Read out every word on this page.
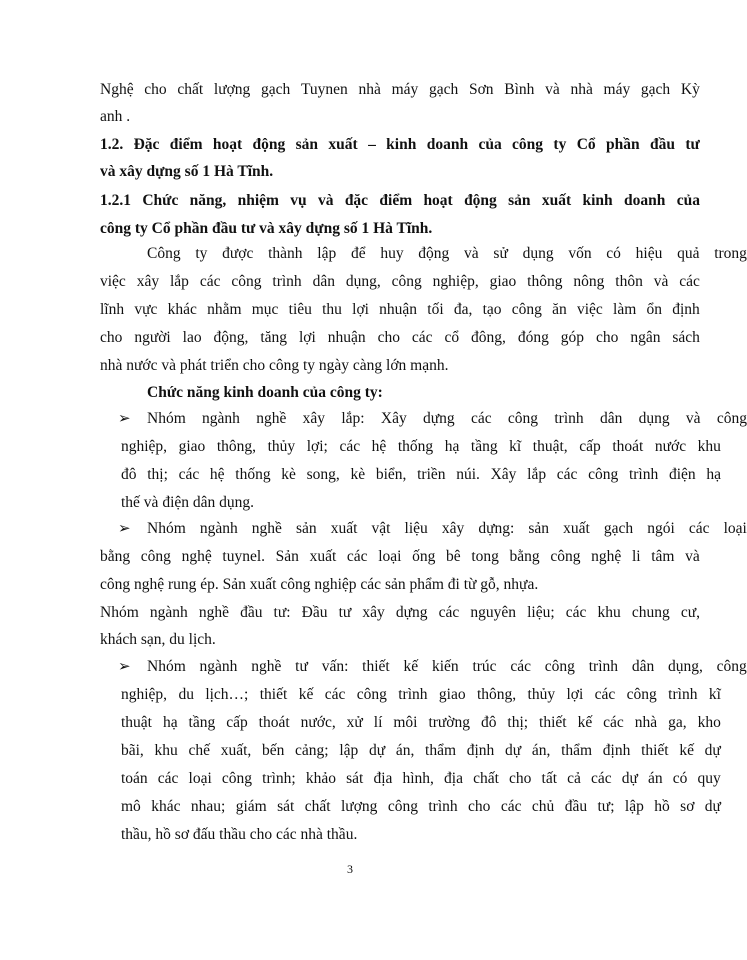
Nghệ cho chất lượng gạch Tuynen nhà máy gạch Sơn Bình và nhà máy gạch Kỳ
anh .
1.2. Đặc điểm hoạt động sản xuất – kinh doanh của công ty Cổ phần đầu tư
và xây dựng số 1 Hà Tĩnh.
1.2.1 Chức năng, nhiệm vụ và đặc điểm hoạt động sản xuất kinh doanh của
công ty Cổ phần đầu tư và xây dựng số 1 Hà Tĩnh.
Công ty được thành lập để huy động và sử dụng vốn có hiệu quả trong
việc xây lắp các công trình dân dụng, công nghiệp, giao thông nông thôn và các
lĩnh vực khác nhằm mục tiêu thu lợi nhuận tối đa, tạo công ăn việc làm ổn định
cho người lao động, tăng lợi nhuận cho các cổ đông, đóng góp cho ngân sách
nhà nước và phát triển cho công ty ngày càng lớn mạnh.
Chức năng kinh doanh của công ty:
Nhóm ngành nghề xây lắp: Xây dựng các công trình dân dụng và công
nghiệp, giao thông, thủy lợi; các hệ thống hạ tầng kĩ thuật, cấp thoát nước khu
đô thị; các hệ thống kè song, kè biển, triền núi. Xây lắp các công trình điện hạ
thế và điện dân dụng.
Nhóm ngành nghề sản xuất vật liệu xây dựng: sản xuất gạch ngói các loại
bằng công nghệ tuynel. Sản xuất các loại ống bê tong bằng công nghệ li tâm và
công nghệ rung ép. Sản xuất công nghiệp các sản phẩm đi từ gỗ, nhựa.
Nhóm ngành nghề đầu tư: Đầu tư xây dựng các nguyên liệu; các khu chung cư,
khách sạn, du lịch.
Nhóm ngành nghề tư vấn: thiết kế kiến trúc các công trình dân dụng, công
nghiệp, du lịch…; thiết kế các công trình giao thông, thủy lợi các công trình kĩ
thuật hạ tầng cấp thoát nước, xử lí môi trường đô thị; thiết kế các nhà ga, kho
bãi, khu chế xuất, bến cảng; lập dự án, thẩm định dự án, thẩm định thiết kế dự
toán các loại công trình; khảo sát địa hình, địa chất cho tất cả các dự án có quy
mô khác nhau; giám sát chất lượng công trình cho các chủ đầu tư; lập hồ sơ dự
thầu, hồ sơ đấu thầu cho các nhà thầu.
➢
➢
➢
3
